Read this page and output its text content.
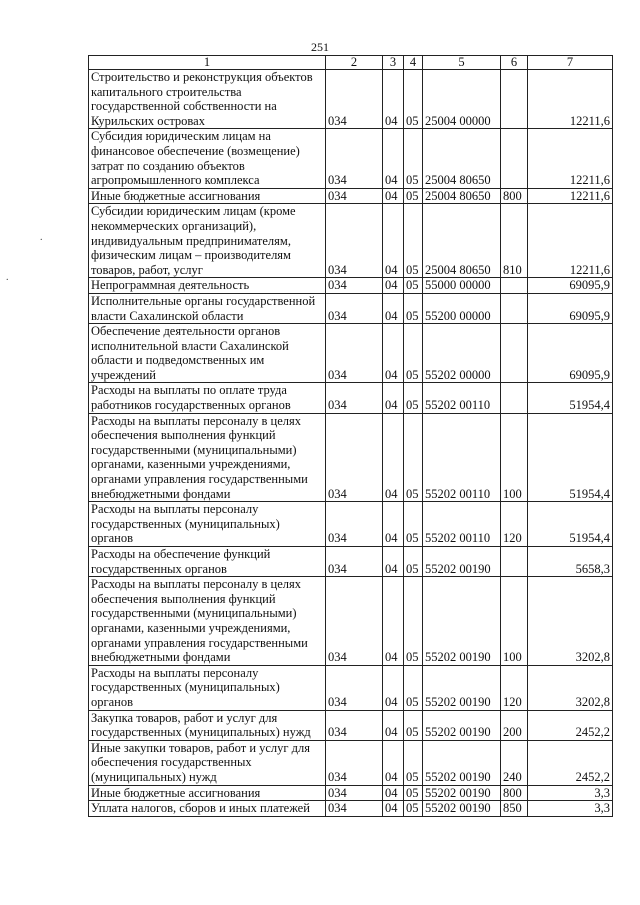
251
.
.
1	2	3	4	5	6	7
Строительство и реконструкция объектов капитального строительства государственной собственности на Курильских островах	034	04	05	25004 00000		12211,6
Субсидия юридическим лицам на финансовое обеспечение (возмещение) затрат по созданию объектов агропромышленного комплекса	034	04	05	25004 80650		12211,6
Иные бюджетные ассигнования	034	04	05	25004 80650	800	12211,6
Субсидии юридическим лицам (кроме некоммерческих организаций), индивидуальным предпринимателям, физическим лицам – производителям товаров, работ, услуг	034	04	05	25004 80650	810	12211,6
Непрограммная деятельность	034	04	05	55000 00000		69095,9
Исполнительные органы государственной власти Сахалинской области	034	04	05	55200 00000		69095,9
Обеспечение деятельности органов исполнительной власти Сахалинской области и подведомственных им учреждений	034	04	05	55202 00000		69095,9
Расходы на выплаты по оплате труда работников государственных органов	034	04	05	55202 00110		51954,4
Расходы на выплаты персоналу в целях обеспечения выполнения функций государственными (муниципальными) органами, казенными учреждениями, органами управления государственными внебюджетными фондами	034	04	05	55202 00110	100	51954,4
Расходы на выплаты персоналу государственных (муниципальных) органов	034	04	05	55202 00110	120	51954,4
Расходы на обеспечение функций государственных органов	034	04	05	55202 00190		5658,3
Расходы на выплаты персоналу в целях обеспечения выполнения функций государственными (муниципальными) органами, казенными учреждениями, органами управления государственными внебюджетными фондами	034	04	05	55202 00190	100	3202,8
Расходы на выплаты персоналу государственных (муниципальных) органов	034	04	05	55202 00190	120	3202,8
Закупка товаров, работ и услуг для государственных (муниципальных) нужд	034	04	05	55202 00190	200	2452,2
Иные закупки товаров, работ и услуг для обеспечения государственных (муниципальных) нужд	034	04	05	55202 00190	240	2452,2
Иные бюджетные ассигнования	034	04	05	55202 00190	800	3,3
Уплата налогов, сборов и иных платежей	034	04	05	55202 00190	850	3,3
